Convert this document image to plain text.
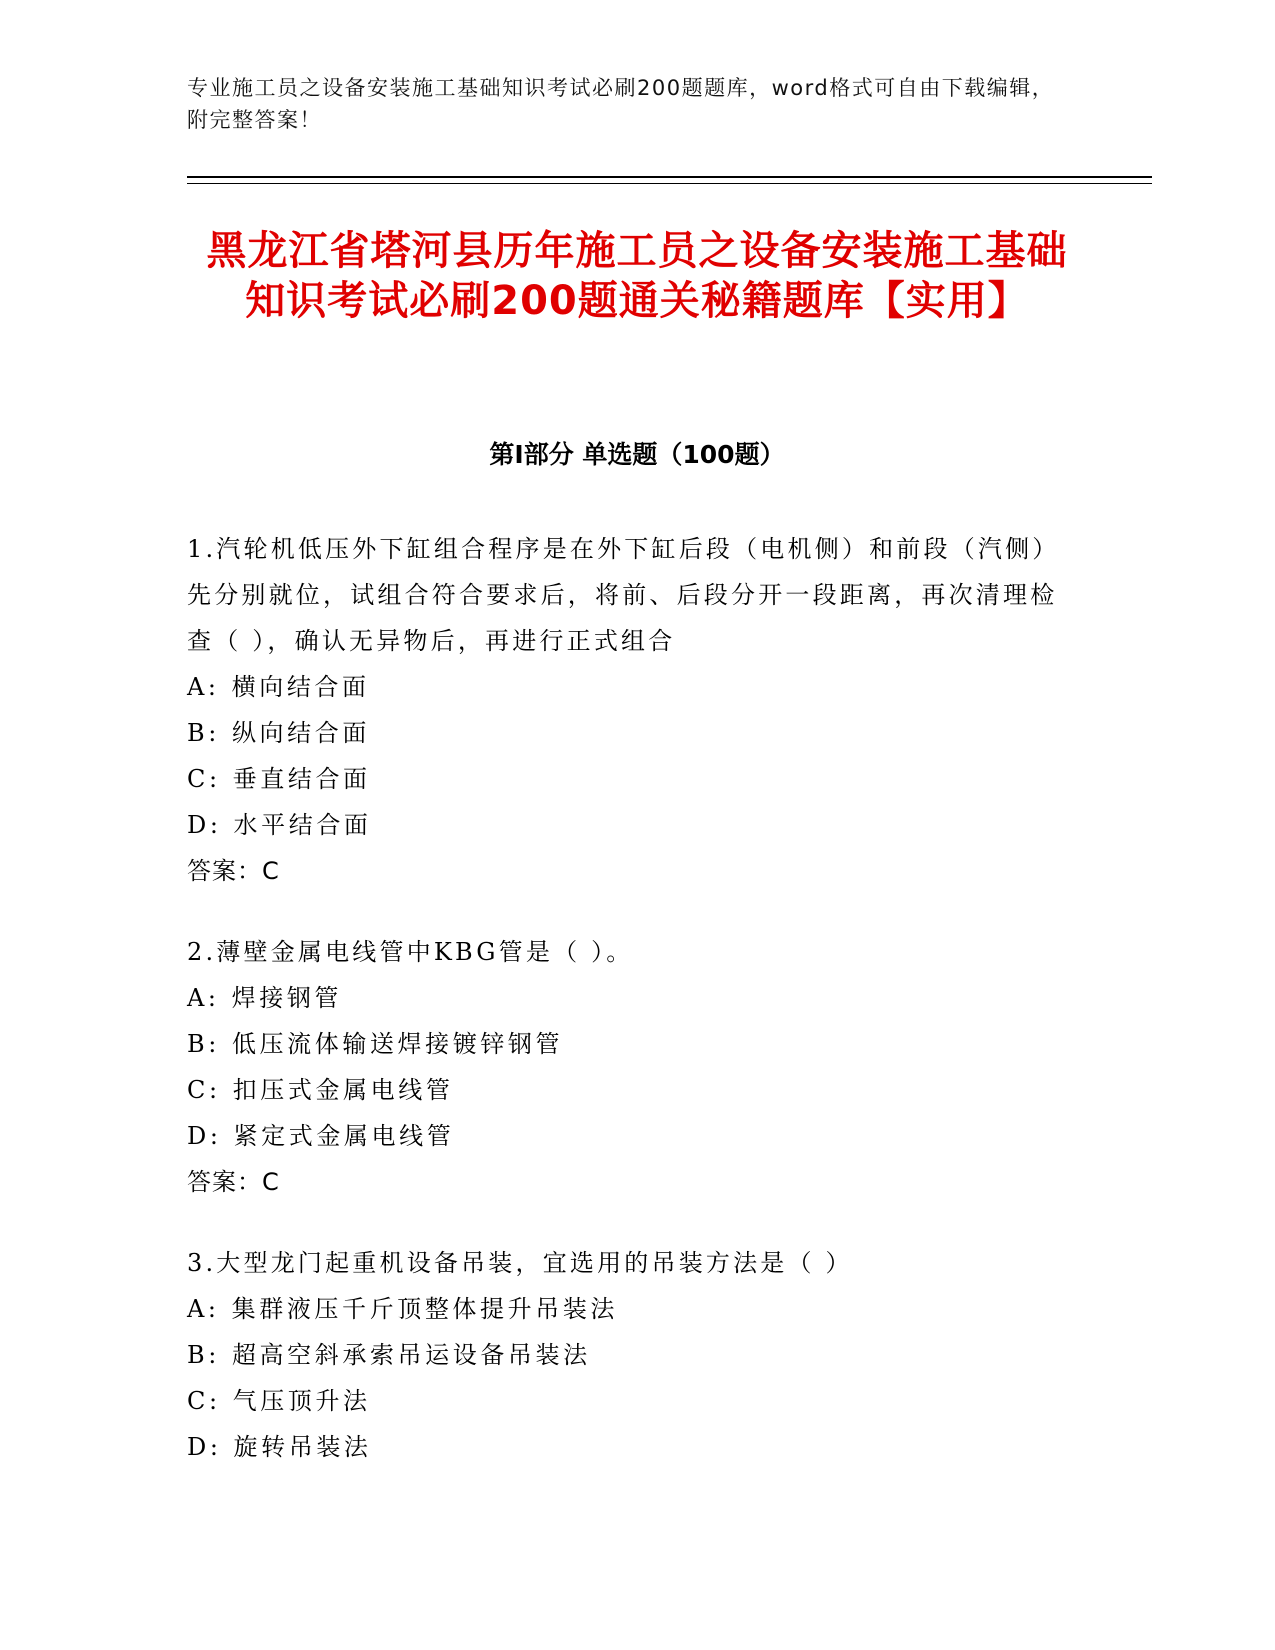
专业施工员之设备安装施工基础知识考试必刷200题题库，word格式可自由下载编辑，附完整答案！
黑龙江省塔河县历年施工员之设备安装施工基础知识考试必刷200题通关秘籍题库【实用】
第Ⅰ部分 单选题（100题）

1.汽轮机低压外下缸组合程序是在外下缸后段（电机侧）和前段（汽侧）先分别就位，试组合符合要求后，将前、后段分开一段距离，再次清理检查（ ），确认无异物后，再进行正式组合

A: 横向结合面

B: 纵向结合面

C: 垂直结合面

D: 水平结合面

答案：C

2.薄壁金属电线管中KBG管是（ ）。

A: 焊接钢管

B: 低压流体输送焊接镀锌钢管

C: 扣压式金属电线管

D: 紧定式金属电线管

答案：C

3.大型龙门起重机设备吊装，宜选用的吊装方法是（ ）

A: 集群液压千斤顶整体提升吊装法

B: 超高空斜承索吊运设备吊装法

C: 气压顶升法

D: 旋转吊装法
